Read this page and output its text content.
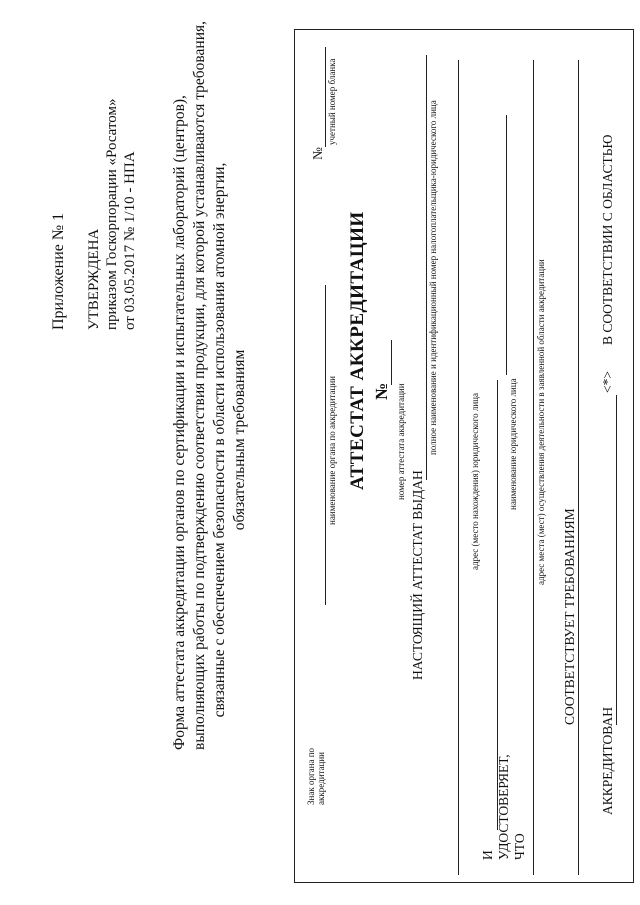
Приложение № 1 УТВЕРЖДЕНА приказом Госкорпорации «Росатом» от 03.05.2017 № 1/10 - НПА Форма аттестата аккредитации органов по сертификации и испытательных лабораторий (центров), выполняющих работы по подтверждению соответствия продукции, для которой устанавливаются требования, связанные с обеспечением безопасности в области использования атомной энергии, обязательным требованиям
Знак органа по аккредитации
№
учетный номер бланка
наименование органа по аккредитации АТТЕСТАТ АККРЕДИТАЦИИ № номер аттестата аккредитации
НАСТОЯЩИЙ АТТЕСТАТ ВЫДАН
полное наименование и идентификационный номер налогоплательщика-юридического лица
И УДОСТОВЕРЯЕТ, ЧТО
адрес (место нахождения) юридического лица	наименование юридического лица адрес места (мест) осуществления деятельности в заявленной области аккредитации
СООТВЕТСТВУЕТ ТРЕБОВАНИЯМ
АККРЕДИТОВАН
<*>
В СООТВЕТСТВИИ С ОБЛАСТЬЮ
